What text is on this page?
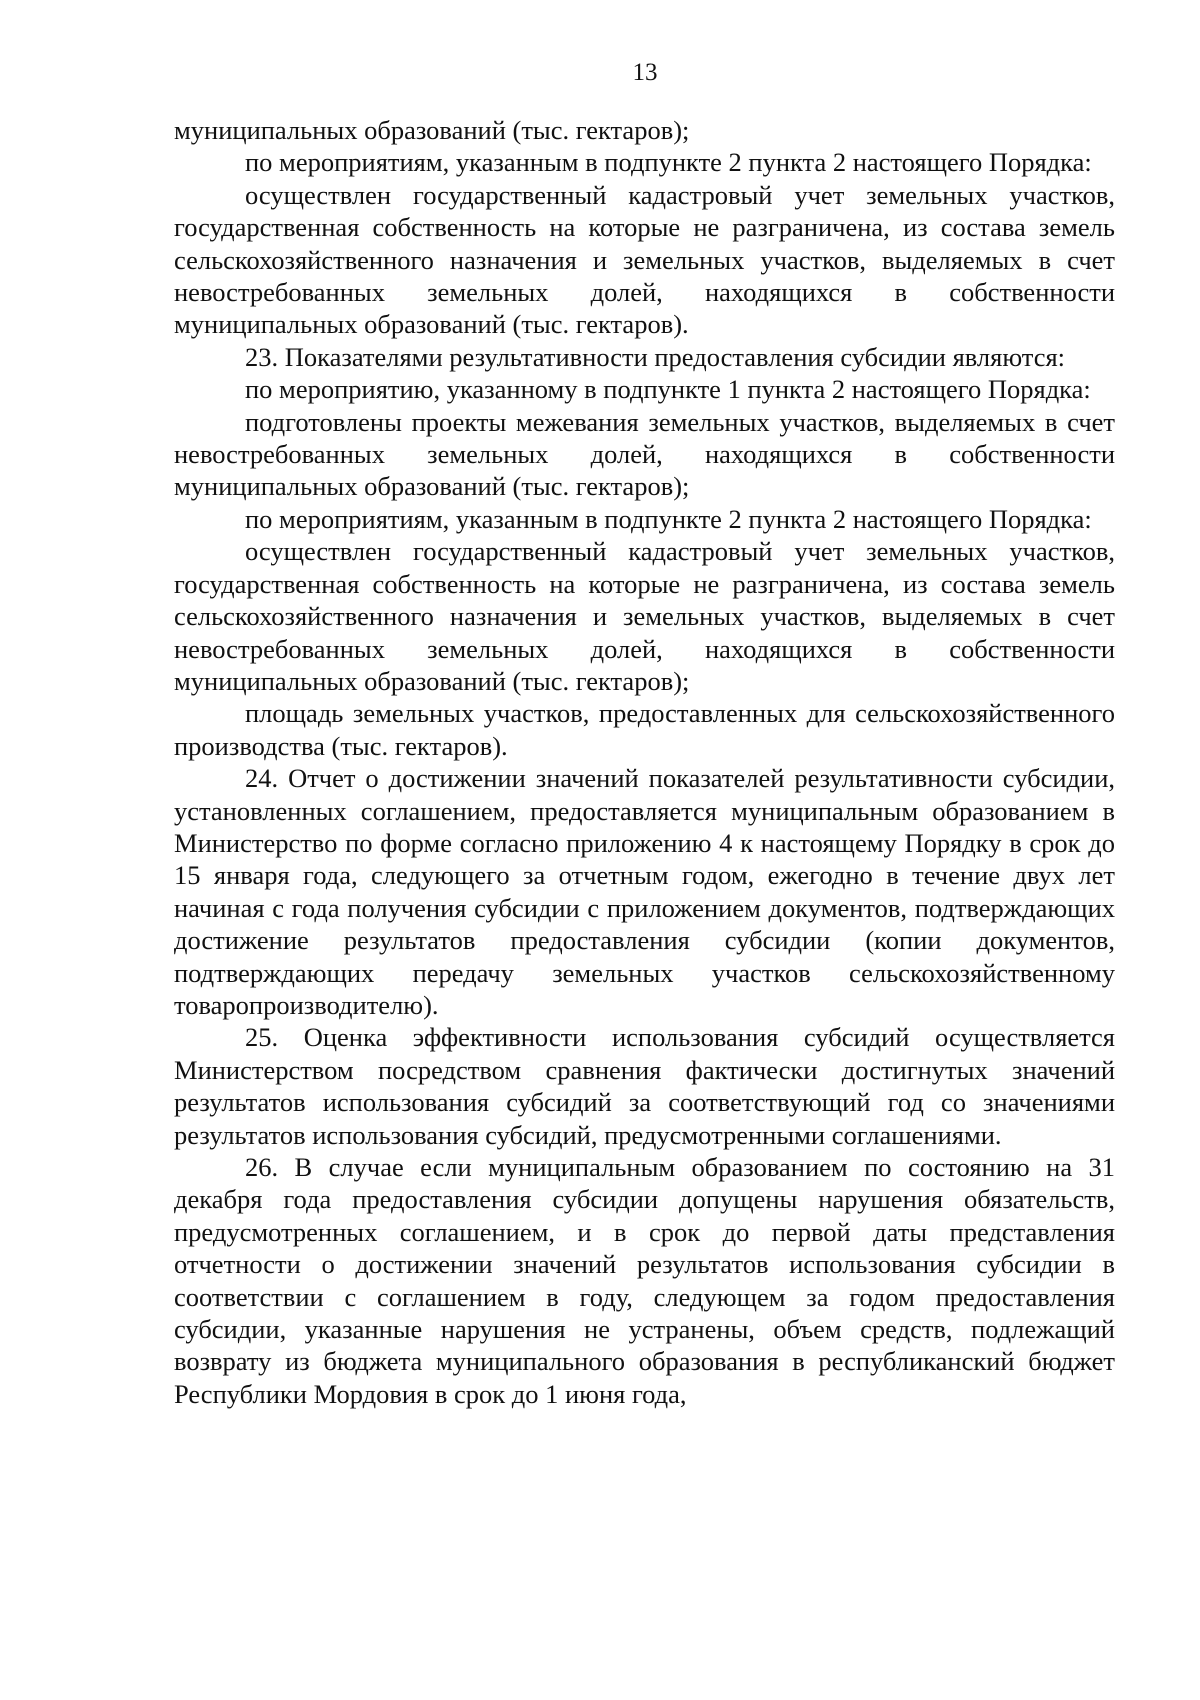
13

муниципальных образований (тыс. гектаров);

по мероприятиям, указанным в подпункте 2 пункта 2 настоящего Порядка:

осуществлен государственный кадастровый учет земельных участков, государственная собственность на которые не разграничена, из состава земель сельскохозяйственного назначения и земельных участков, выделяемых в счет невостребованных земельных долей, находящихся в собственности муниципальных образований (тыс. гектаров).

23. Показателями результативности предоставления субсидии являются:

по мероприятию, указанному в подпункте 1 пункта 2 настоящего Порядка:

подготовлены проекты межевания земельных участков, выделяемых в счет невостребованных земельных долей, находящихся в собственности муниципальных образований (тыс. гектаров);

по мероприятиям, указанным в подпункте 2 пункта 2 настоящего Порядка:

осуществлен государственный кадастровый учет земельных участков, государственная собственность на которые не разграничена, из состава земель сельскохозяйственного назначения и земельных участков, выделяемых в счет невостребованных земельных долей, находящихся в собственности муниципальных образований (тыс. гектаров);

площадь земельных участков, предоставленных для сельскохозяйственного производства (тыс. гектаров).

24. Отчет о достижении значений показателей результативности субсидии, установленных соглашением, предоставляется муниципальным образованием в Министерство по форме согласно приложению 4 к настоящему Порядку в срок до 15 января года, следующего за отчетным годом, ежегодно в течение двух лет начиная с года получения субсидии с приложением документов, подтверждающих достижение результатов предоставления субсидии (копии документов, подтверждающих передачу земельных участков сельскохозяйственному товаропроизводителю).

25. Оценка эффективности использования субсидий осуществляется Министерством посредством сравнения фактически достигнутых значений результатов использования субсидий за соответствующий год со значениями результатов использования субсидий, предусмотренными соглашениями.

26. В случае если муниципальным образованием по состоянию на 31 декабря года предоставления субсидии допущены нарушения обязательств, предусмотренных соглашением, и в срок до первой даты представления отчетности о достижении значений результатов использования субсидии в соответствии с соглашением в году, следующем за годом предоставления субсидии, указанные нарушения не устранены, объем средств, подлежащий возврату из бюджета муниципального образования в республиканский бюджет Республики Мордовия в срок до 1 июня года,
